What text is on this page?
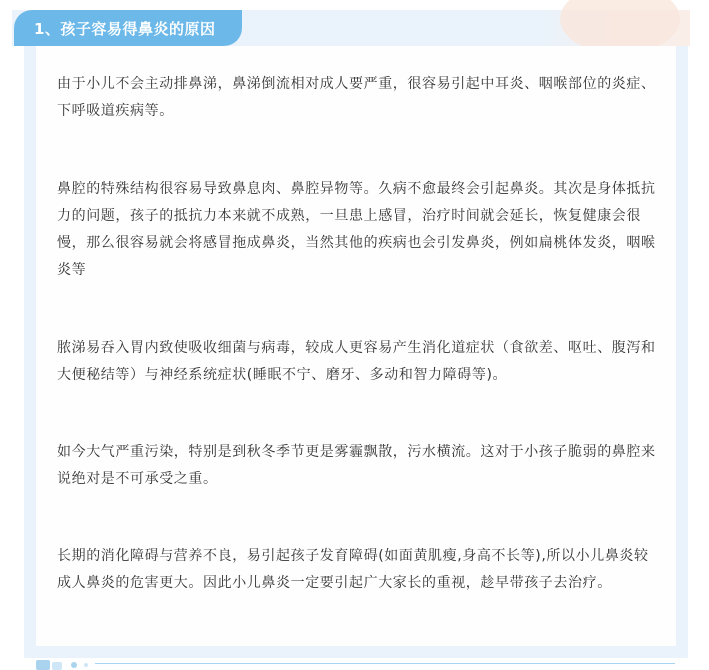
1、孩子容易得鼻炎的原因

由于小儿不会主动排鼻涕，鼻涕倒流相对成人要严重，很容易引起中耳炎、咽喉部位的炎症、下呼吸道疾病等。

鼻腔的特殊结构很容易导致鼻息肉、鼻腔异物等。久病不愈最终会引起鼻炎。其次是身体抵抗力的问题，孩子的抵抗力本来就不成熟，一旦患上感冒，治疗时间就会延长，恢复健康会很慢，那么很容易就会将感冒拖成鼻炎，当然其他的疾病也会引发鼻炎，例如扁桃体发炎，咽喉炎等

脓涕易吞入胃内致使吸收细菌与病毒，较成人更容易产生消化道症状（食欲差、呕吐、腹泻和大便秘结等）与神经系统症状(睡眠不宁、磨牙、多动和智力障碍等)。

如今大气严重污染，特别是到秋冬季节更是雾霾飘散，污水横流。这对于小孩子脆弱的鼻腔来说绝对是不可承受之重。

长期的消化障碍与营养不良，易引起孩子发育障碍(如面黄肌瘦,身高不长等),所以小儿鼻炎较成人鼻炎的危害更大。因此小儿鼻炎一定要引起广大家长的重视，趁早带孩子去治疗。
